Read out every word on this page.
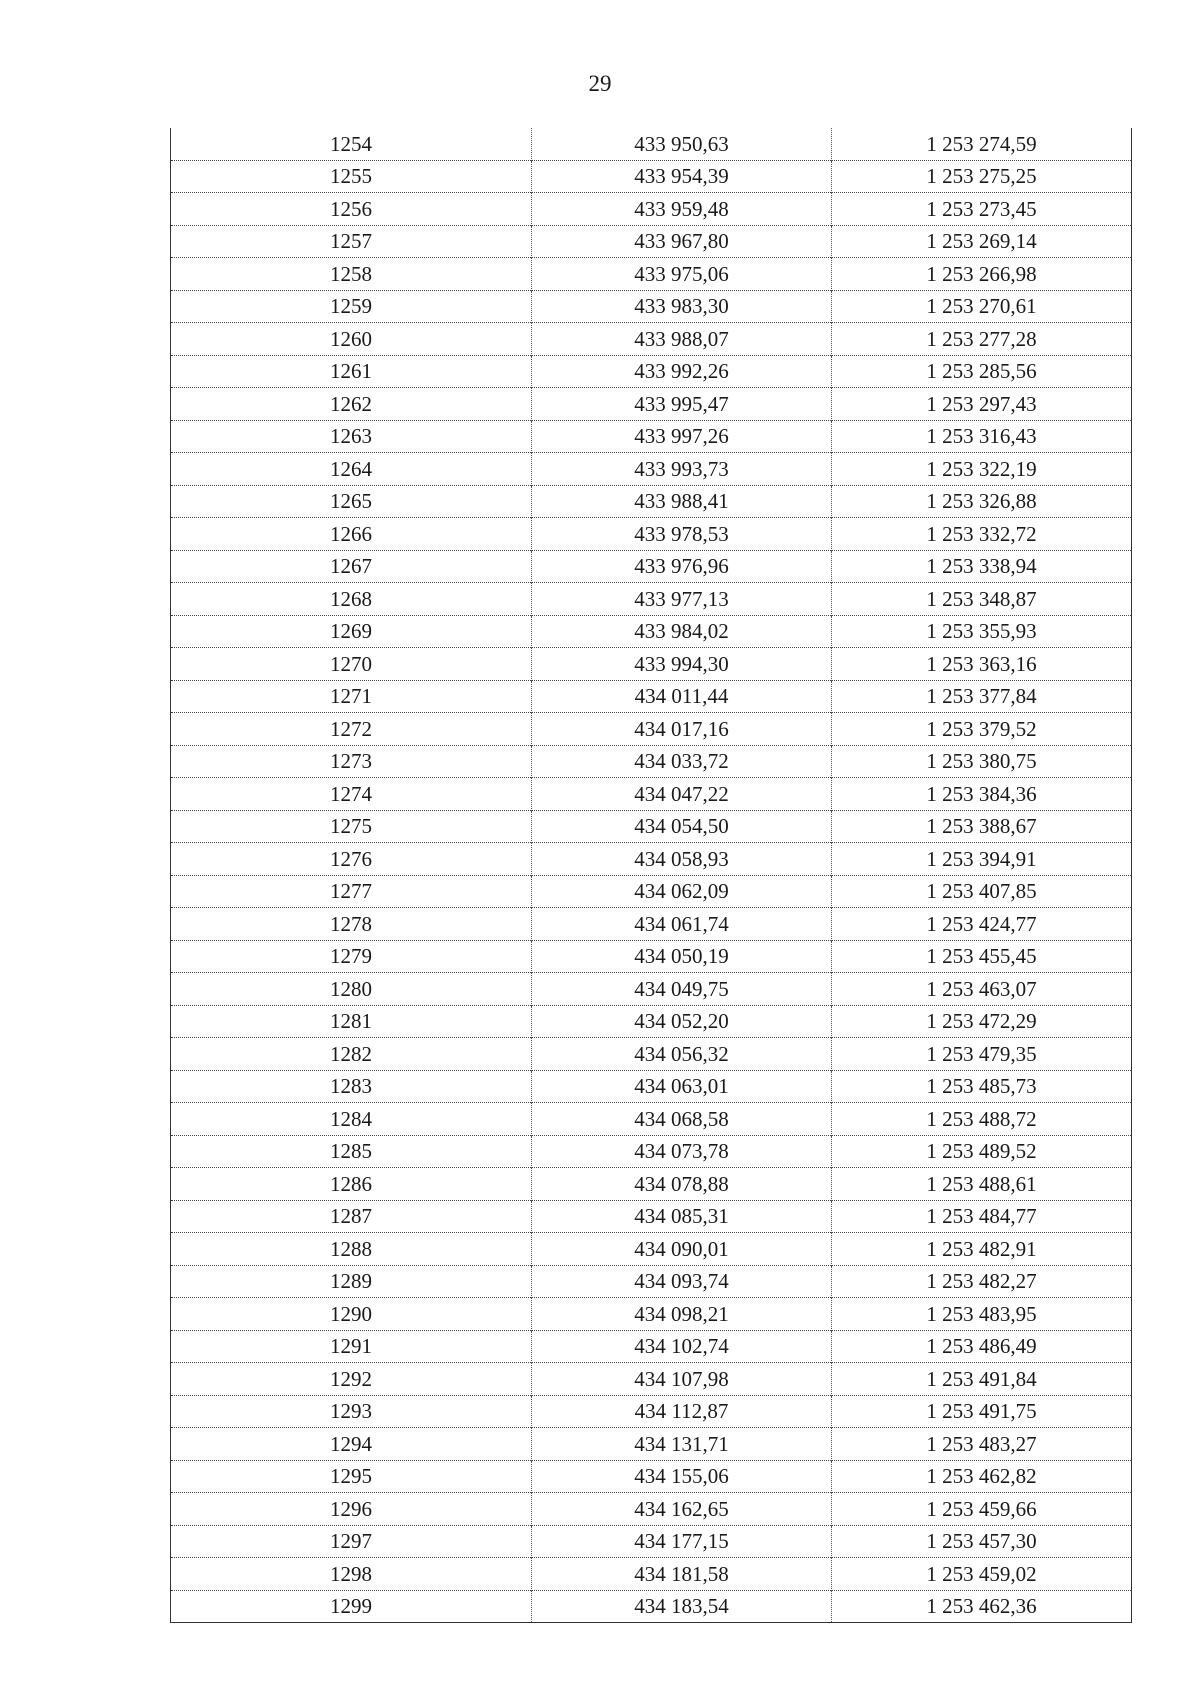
29
1254	433 950,63	1 253 274,59
1255	433 954,39	1 253 275,25
1256	433 959,48	1 253 273,45
1257	433 967,80	1 253 269,14
1258	433 975,06	1 253 266,98
1259	433 983,30	1 253 270,61
1260	433 988,07	1 253 277,28
1261	433 992,26	1 253 285,56
1262	433 995,47	1 253 297,43
1263	433 997,26	1 253 316,43
1264	433 993,73	1 253 322,19
1265	433 988,41	1 253 326,88
1266	433 978,53	1 253 332,72
1267	433 976,96	1 253 338,94
1268	433 977,13	1 253 348,87
1269	433 984,02	1 253 355,93
1270	433 994,30	1 253 363,16
1271	434 011,44	1 253 377,84
1272	434 017,16	1 253 379,52
1273	434 033,72	1 253 380,75
1274	434 047,22	1 253 384,36
1275	434 054,50	1 253 388,67
1276	434 058,93	1 253 394,91
1277	434 062,09	1 253 407,85
1278	434 061,74	1 253 424,77
1279	434 050,19	1 253 455,45
1280	434 049,75	1 253 463,07
1281	434 052,20	1 253 472,29
1282	434 056,32	1 253 479,35
1283	434 063,01	1 253 485,73
1284	434 068,58	1 253 488,72
1285	434 073,78	1 253 489,52
1286	434 078,88	1 253 488,61
1287	434 085,31	1 253 484,77
1288	434 090,01	1 253 482,91
1289	434 093,74	1 253 482,27
1290	434 098,21	1 253 483,95
1291	434 102,74	1 253 486,49
1292	434 107,98	1 253 491,84
1293	434 112,87	1 253 491,75
1294	434 131,71	1 253 483,27
1295	434 155,06	1 253 462,82
1296	434 162,65	1 253 459,66
1297	434 177,15	1 253 457,30
1298	434 181,58	1 253 459,02
1299	434 183,54	1 253 462,36
